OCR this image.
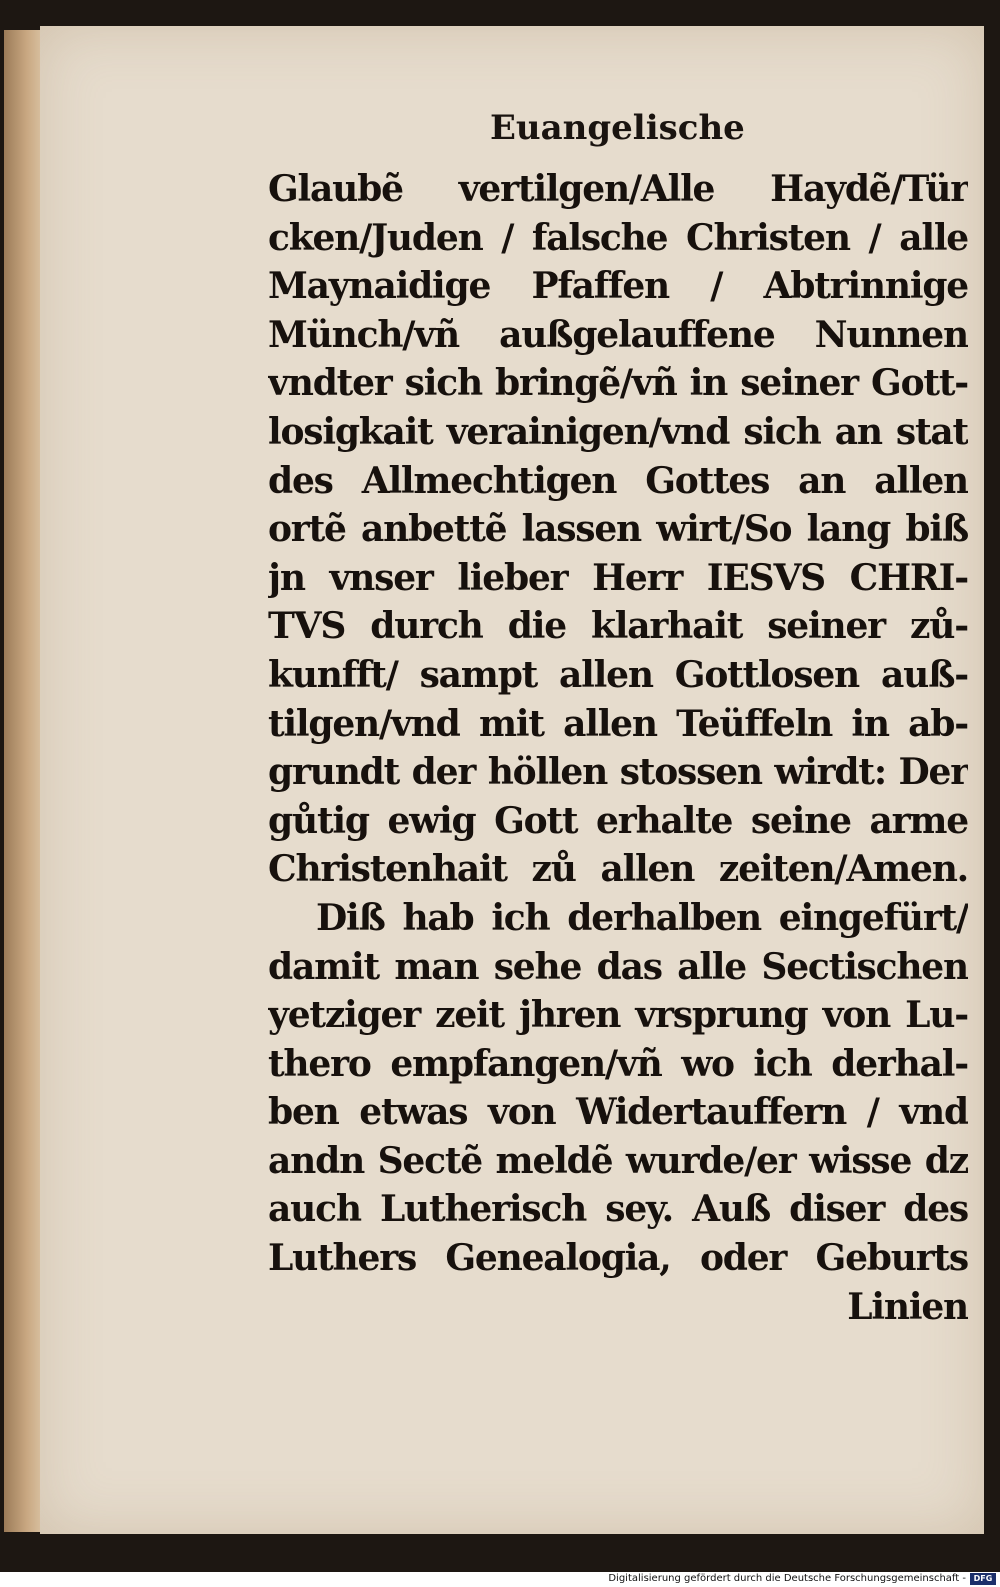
Euangelische
Glaubẽ vertilgen/Alle Haydẽ/Tür
cken/Juden / falsche Christen / alle
Maynaidige Pfaffen / Abtrinnige
Münch/vñ außgelauffene Nunnen
vndter sich bringẽ/vñ in seiner Gott-
losigkait verainigen/vnd sich an stat
des Allmechtigen Gottes an allen
ortẽ anbettẽ lassen wirt/So lang biß
jn vnser lieber Herr IESVS CHRI-
TVS durch die klarhait seiner zů-
kunfft/ sampt allen Gottlosen auß-
tilgen/vnd mit allen Teüffeln in ab-
grundt der höllen stossen wirdt: Der
gůtig ewig Gott erhalte seine arme
Christenhait zů allen zeiten/Amen.
Diß hab ich derhalben eingefürt/
damit man sehe das alle Sectischen
yetziger zeit jhren vrsprung von Lu-
thero empfangen/vñ wo ich derhal-
ben etwas von Widertauffern / vnd
andn Sectẽ meldẽ wurde/er wisse dz
auch Lutherisch sey. Auß diser des
Luthers Genealogia, oder Geburts
Linien
Digitalisierung gefördert durch die Deutsche Forschungsgemeinschaft - DFG
